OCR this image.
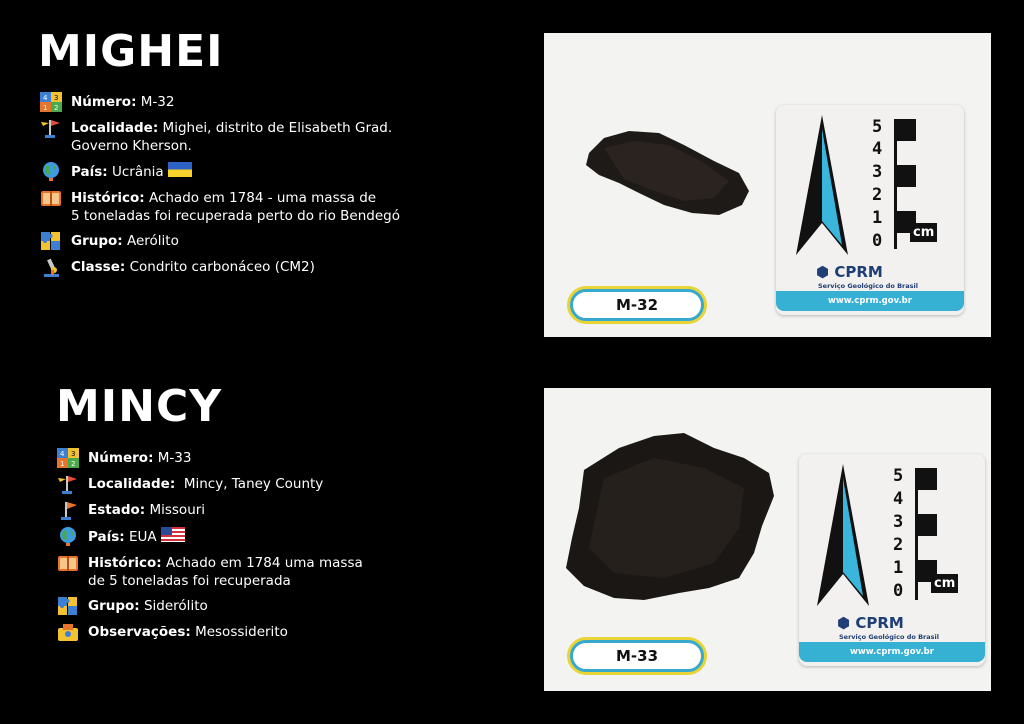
MIGHEI
4 3
1 2 Número: M-32
Localidade: Mighei, distrito de Elisabeth Grad.
Governo Kherson.
País: Ucrânia
Histórico: Achado em 1784 - uma massa de
5 toneladas foi recuperada perto do rio Bendegó
Grupo: Aerólito
Classe: Condrito carbonáceo (CM2)
M-32
5
4
3
2
1
0 cm
⬢ CPRM
Serviço Geológico do Brasil
www.cprm.gov.br
MINCY
4 3
1 2 Número: M-33
Localidade:  Mincy, Taney County
Estado: Missouri
País: EUA
Histórico: Achado em 1784 uma massa
de 5 toneladas foi recuperada
Grupo: Siderólito
Observações: Mesossiderito
M-33
5
4
3
2
1
0 cm
⬢ CPRM
Serviço Geológico do Brasil
www.cprm.gov.br
